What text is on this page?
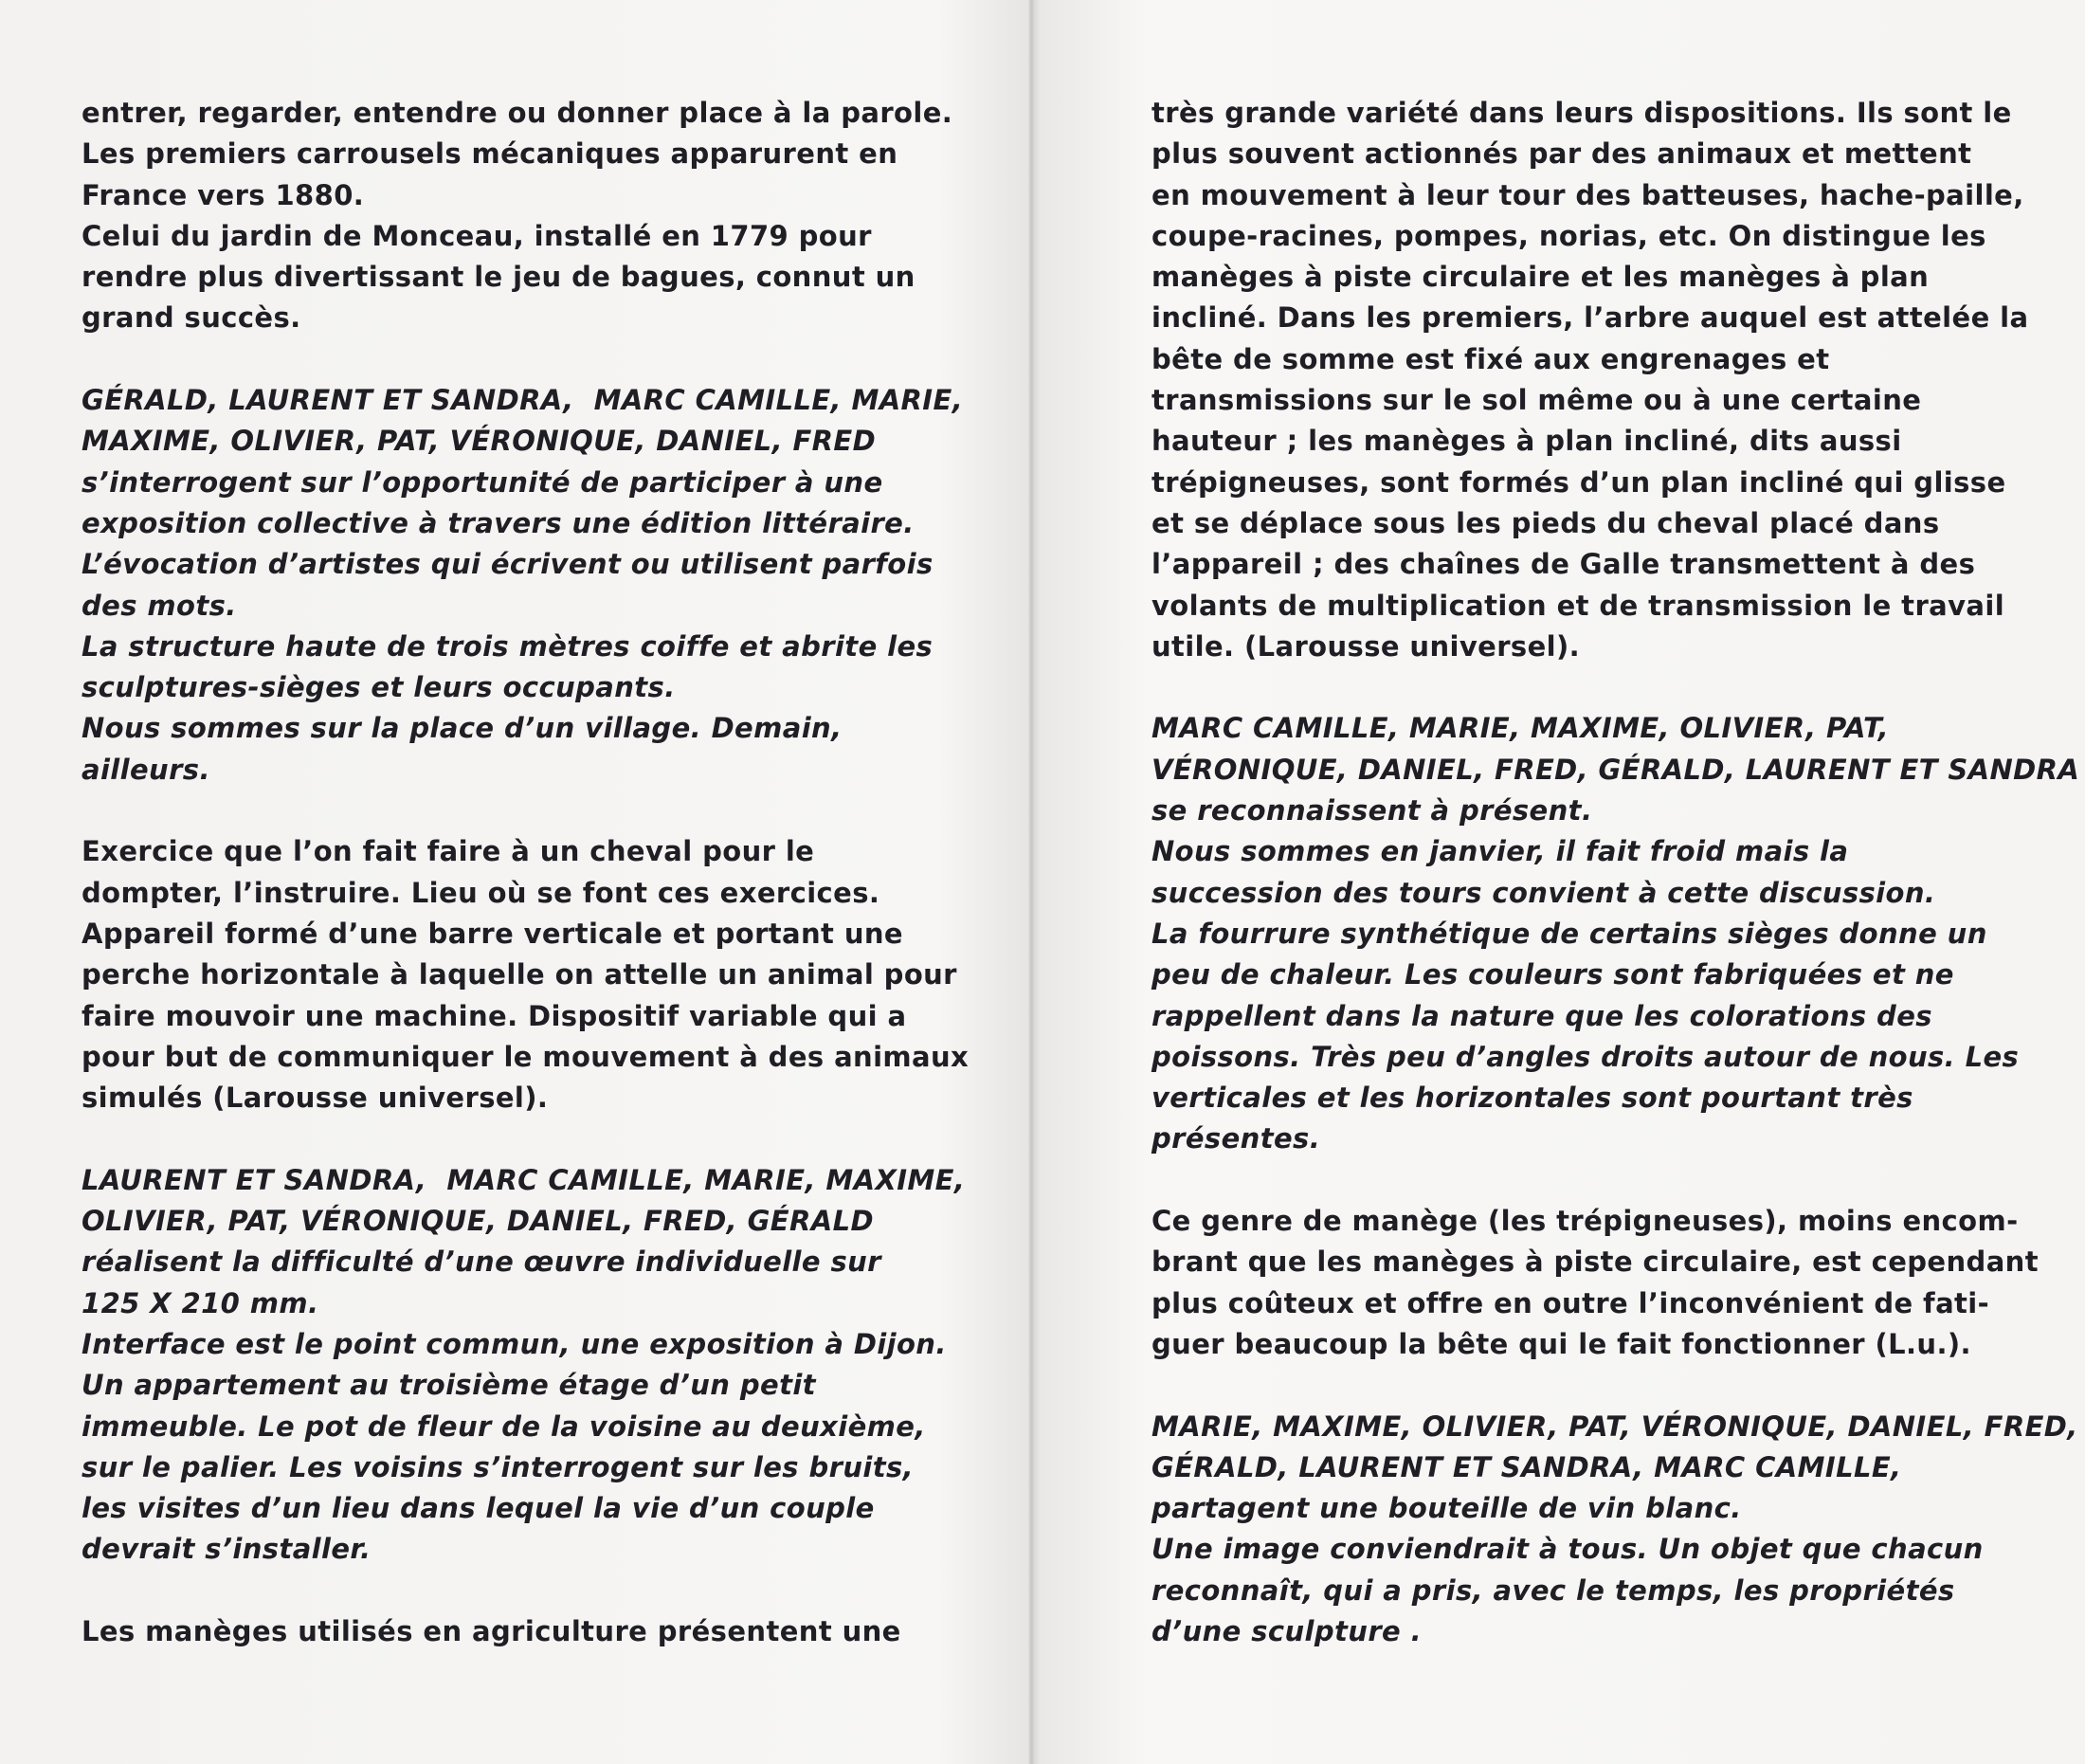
entrer, regarder, entendre ou donner place à la parole.
Les premiers carrousels mécaniques apparurent en
France vers 1880.
Celui du jardin de Monceau, installé en 1779 pour
rendre plus divertissant le jeu de bagues, connut un
grand succès.
GÉRALD, LAURENT ET SANDRA,  MARC CAMILLE, MARIE,
MAXIME, OLIVIER, PAT, VÉRONIQUE, DANIEL, FRED
s’interrogent sur l’opportunité de participer à une
exposition collective à travers une édition littéraire.
L’évocation d’artistes qui écrivent ou utilisent parfois
des mots.
La structure haute de trois mètres coiffe et abrite les
sculptures-sièges et leurs occupants.
Nous sommes sur la place d’un village. Demain,
ailleurs.
Exercice que l’on fait faire à un cheval pour le
dompter, l’instruire. Lieu où se font ces exercices.
Appareil formé d’une barre verticale et portant une
perche horizontale à laquelle on attelle un animal pour
faire mouvoir une machine. Dispositif variable qui a
pour but de communiquer le mouvement à des animaux
simulés (Larousse universel).
LAURENT ET SANDRA,  MARC CAMILLE, MARIE, MAXIME,
OLIVIER, PAT, VÉRONIQUE, DANIEL, FRED, GÉRALD
réalisent la difficulté d’une œuvre individuelle sur
125 X 210 mm.
Interface est le point commun, une exposition à Dijon.
Un appartement au troisième étage d’un petit
immeuble. Le pot de fleur de la voisine au deuxième,
sur le palier. Les voisins s’interrogent sur les bruits,
les visites d’un lieu dans lequel la vie d’un couple
devrait s’installer.
Les manèges utilisés en agriculture présentent une
très grande variété dans leurs dispositions. Ils sont le
plus souvent actionnés par des animaux et mettent
en mouvement à leur tour des batteuses, hache-paille,
coupe-racines, pompes, norias, etc. On distingue les
manèges à piste circulaire et les manèges à plan
incliné. Dans les premiers, l’arbre auquel est attelée la
bête de somme est fixé aux engrenages et
transmissions sur le sol même ou à une certaine
hauteur ; les manèges à plan incliné, dits aussi
trépigneuses, sont formés d’un plan incliné qui glisse
et se déplace sous les pieds du cheval placé dans
l’appareil ; des chaînes de Galle transmettent à des
volants de multiplication et de transmission le travail
utile. (Larousse universel).
MARC CAMILLE, MARIE, MAXIME, OLIVIER, PAT,
VÉRONIQUE, DANIEL, FRED, GÉRALD, LAURENT ET SANDRA
se reconnaissent à présent.
Nous sommes en janvier, il fait froid mais la
succession des tours convient à cette discussion.
La fourrure synthétique de certains sièges donne un
peu de chaleur. Les couleurs sont fabriquées et ne
rappellent dans la nature que les colorations des
poissons. Très peu d’angles droits autour de nous. Les
verticales et les horizontales sont pourtant très
présentes.
Ce genre de manège (les trépigneuses), moins encom-
brant que les manèges à piste circulaire, est cependant
plus coûteux et offre en outre l’inconvénient de fati-
guer beaucoup la bête qui le fait fonctionner (L.u.).
MARIE, MAXIME, OLIVIER, PAT, VÉRONIQUE, DANIEL, FRED,
GÉRALD, LAURENT ET SANDRA, MARC CAMILLE,
partagent une bouteille de vin blanc.
Une image conviendrait à tous. Un objet que chacun
reconnaît, qui a pris, avec le temps, les propriétés
d’une sculpture .
